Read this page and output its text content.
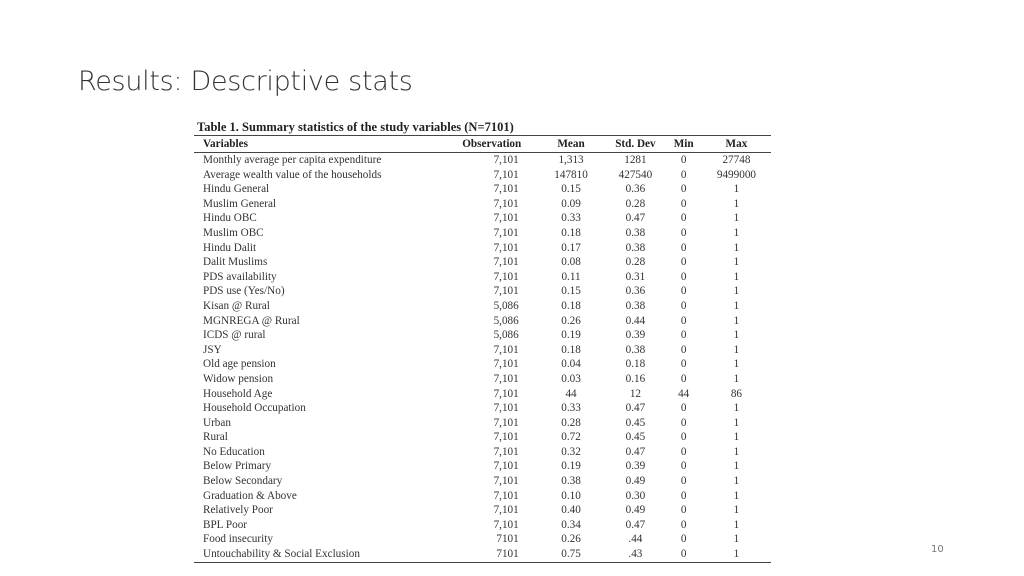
Results: Descriptive stats
Table 1. Summary statistics of the study variables (N=7101)
Variables	Observation	Mean	Std. Dev	Min	Max
Monthly average per capita expenditure	7,101	1,313	1281	0	27748
Average wealth value of the households	7,101	147810	427540	0	9499000
Hindu General	7,101	0.15	0.36	0	1
Muslim General	7,101	0.09	0.28	0	1
Hindu OBC	7,101	0.33	0.47	0	1
Muslim OBC	7,101	0.18	0.38	0	1
Hindu Dalit	7,101	0.17	0.38	0	1
Dalit Muslims	7,101	0.08	0.28	0	1
PDS availability	7,101	0.11	0.31	0	1
PDS use (Yes/No)	7,101	0.15	0.36	0	1
Kisan @ Rural	5,086	0.18	0.38	0	1
MGNREGA @ Rural	5,086	0.26	0.44	0	1
ICDS @ rural	5,086	0.19	0.39	0	1
JSY	7,101	0.18	0.38	0	1
Old age pension	7,101	0.04	0.18	0	1
Widow pension	7,101	0.03	0.16	0	1
Household Age	7,101	44	12	44	86
Household Occupation	7,101	0.33	0.47	0	1
Urban	7,101	0.28	0.45	0	1
Rural	7,101	0.72	0.45	0	1
No Education	7,101	0.32	0.47	0	1
Below Primary	7,101	0.19	0.39	0	1
Below Secondary	7,101	0.38	0.49	0	1
Graduation & Above	7,101	0.10	0.30	0	1
Relatively Poor	7,101	0.40	0.49	0	1
BPL Poor	7,101	0.34	0.47	0	1
Food insecurity	7101	0.26	.44	0	1
Untouchability & Social Exclusion	7101	0.75	.43	0	1	10
